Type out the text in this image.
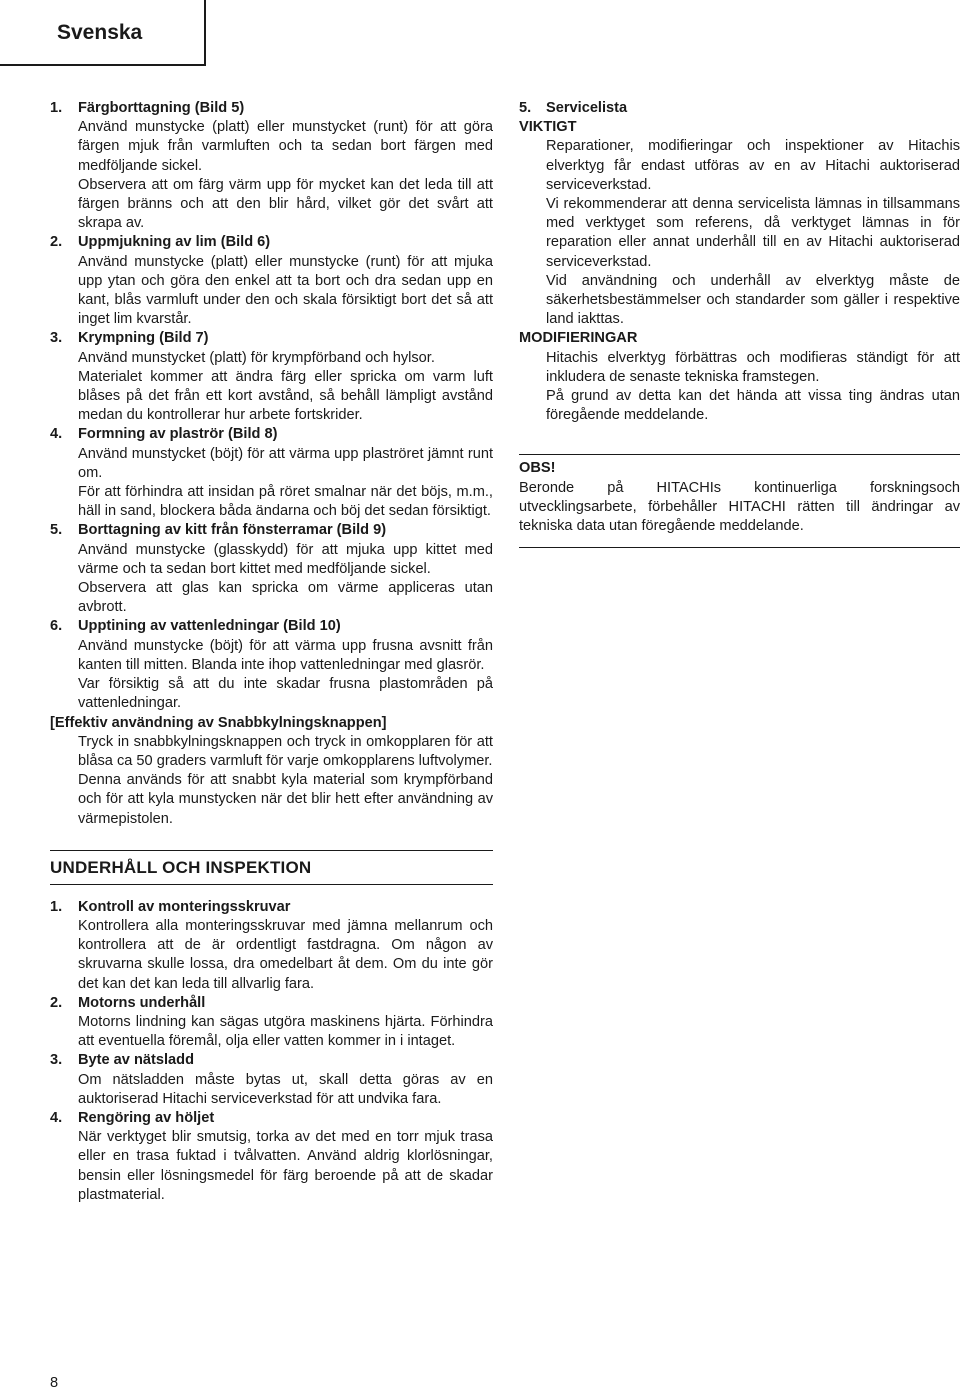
Svenska
1.	Färgborttagning (Bild 5)
Använd munstycke (platt) eller munstycket (runt) för att göra färgen mjuk från varmluften och ta sedan bort färgen med medföljande sickel.
Observera att om färg värm upp för mycket kan det leda till att färgen bränns och att den blir hård, vilket gör det svårt att skrapa av.
2.	Uppmjukning av lim (Bild 6)
Använd munstycke (platt) eller munstycke (runt) för att mjuka upp ytan och göra den enkel att ta bort och dra sedan upp en kant, blås varmluft under den och skala försiktigt bort det så att inget lim kvarstår.
3.	Krympning (Bild 7)
Använd munstycket (platt) för krympförband och hylsor.
Materialet kommer att ändra färg eller spricka om varm luft blåses på det från ett kort avstånd, så behåll lämpligt avstånd medan du kontrollerar hur arbete fortskrider.
4.	Formning av plaströr (Bild 8)
Använd munstycket (böjt) för att värma upp plaströret jämnt runt om.
För att förhindra att insidan på röret smalnar när det böjs, m.m., häll in sand, blockera båda ändarna och böj det sedan försiktigt.
5.	Borttagning av kitt från fönsterramar (Bild 9)
Använd munstycke (glasskydd) för att mjuka upp kittet med värme och ta sedan bort kittet med medföljande sickel.
Observera att glas kan spricka om värme appliceras utan avbrott.
6.	Upptining av vattenledningar (Bild 10)
Använd munstycke (böjt) för att värma upp frusna avsnitt från kanten till mitten. Blanda inte ihop vattenledningar med glasrör.
Var försiktig så att du inte skadar frusna plastområden på vattenledningar.
[Effektiv användning av Snabbkylningsknappen]
Tryck in snabbkylningsknappen och tryck in omkopplaren för att blåsa ca 50 graders varmluft för varje omkopplarens luftvolymer.
Denna används för att snabbt kyla material som krympförband och för att kyla munstycken när det blir hett efter användning av värmepistolen.
UNDERHÅLL OCH INSPEKTION
1.	Kontroll av monteringsskruvar
Kontrollera alla monteringsskruvar med jämna mellanrum och kontrollera att de är ordentligt fastdragna. Om någon av skruvarna skulle lossa, dra omedelbart åt dem. Om du inte gör det kan det kan leda till allvarlig fara.
2.	Motorns underhåll
Motorns lindning kan sägas utgöra maskinens hjärta. Förhindra att eventuella föremål, olja eller vatten kommer in i intaget.
3.	Byte av nätsladd
Om nätsladden måste bytas ut, skall detta göras av en auktoriserad Hitachi serviceverkstad för att undvika fara.
4.	Rengöring av höljet
När verktyget blir smutsig, torka av det med en torr mjuk trasa eller en trasa fuktad i tvålvatten. Använd aldrig klorlösningar, bensin eller lösningsmedel för färg beroende på att de skadar plastmaterial.
5.	Servicelista
VIKTIGT
Reparationer, modifieringar och inspektioner av Hitachis elverktyg får endast utföras av en av Hitachi auktoriserad serviceverkstad.
Vi rekommenderar att denna servicelista lämnas in tillsammans med verktyget som referens, då verktyget lämnas in för reparation eller annat underhåll till en av Hitachi auktoriserad serviceverkstad.
Vid användning och underhåll av elverktyg måste de säkerhetsbestämmelser och standarder som gäller i respektive land iakttas.
MODIFIERINGAR
Hitachis elverktyg förbättras och modifieras ständigt för att inkludera de senaste tekniska framstegen.
På grund av detta kan det hända att vissa ting ändras utan föregående meddelande.
OBS!
Beronde på HITACHIs kontinuerliga forskningsoch utvecklingsarbete, förbehåller HITACHI rätten till ändringar av tekniska data utan föregående meddelande.
8
